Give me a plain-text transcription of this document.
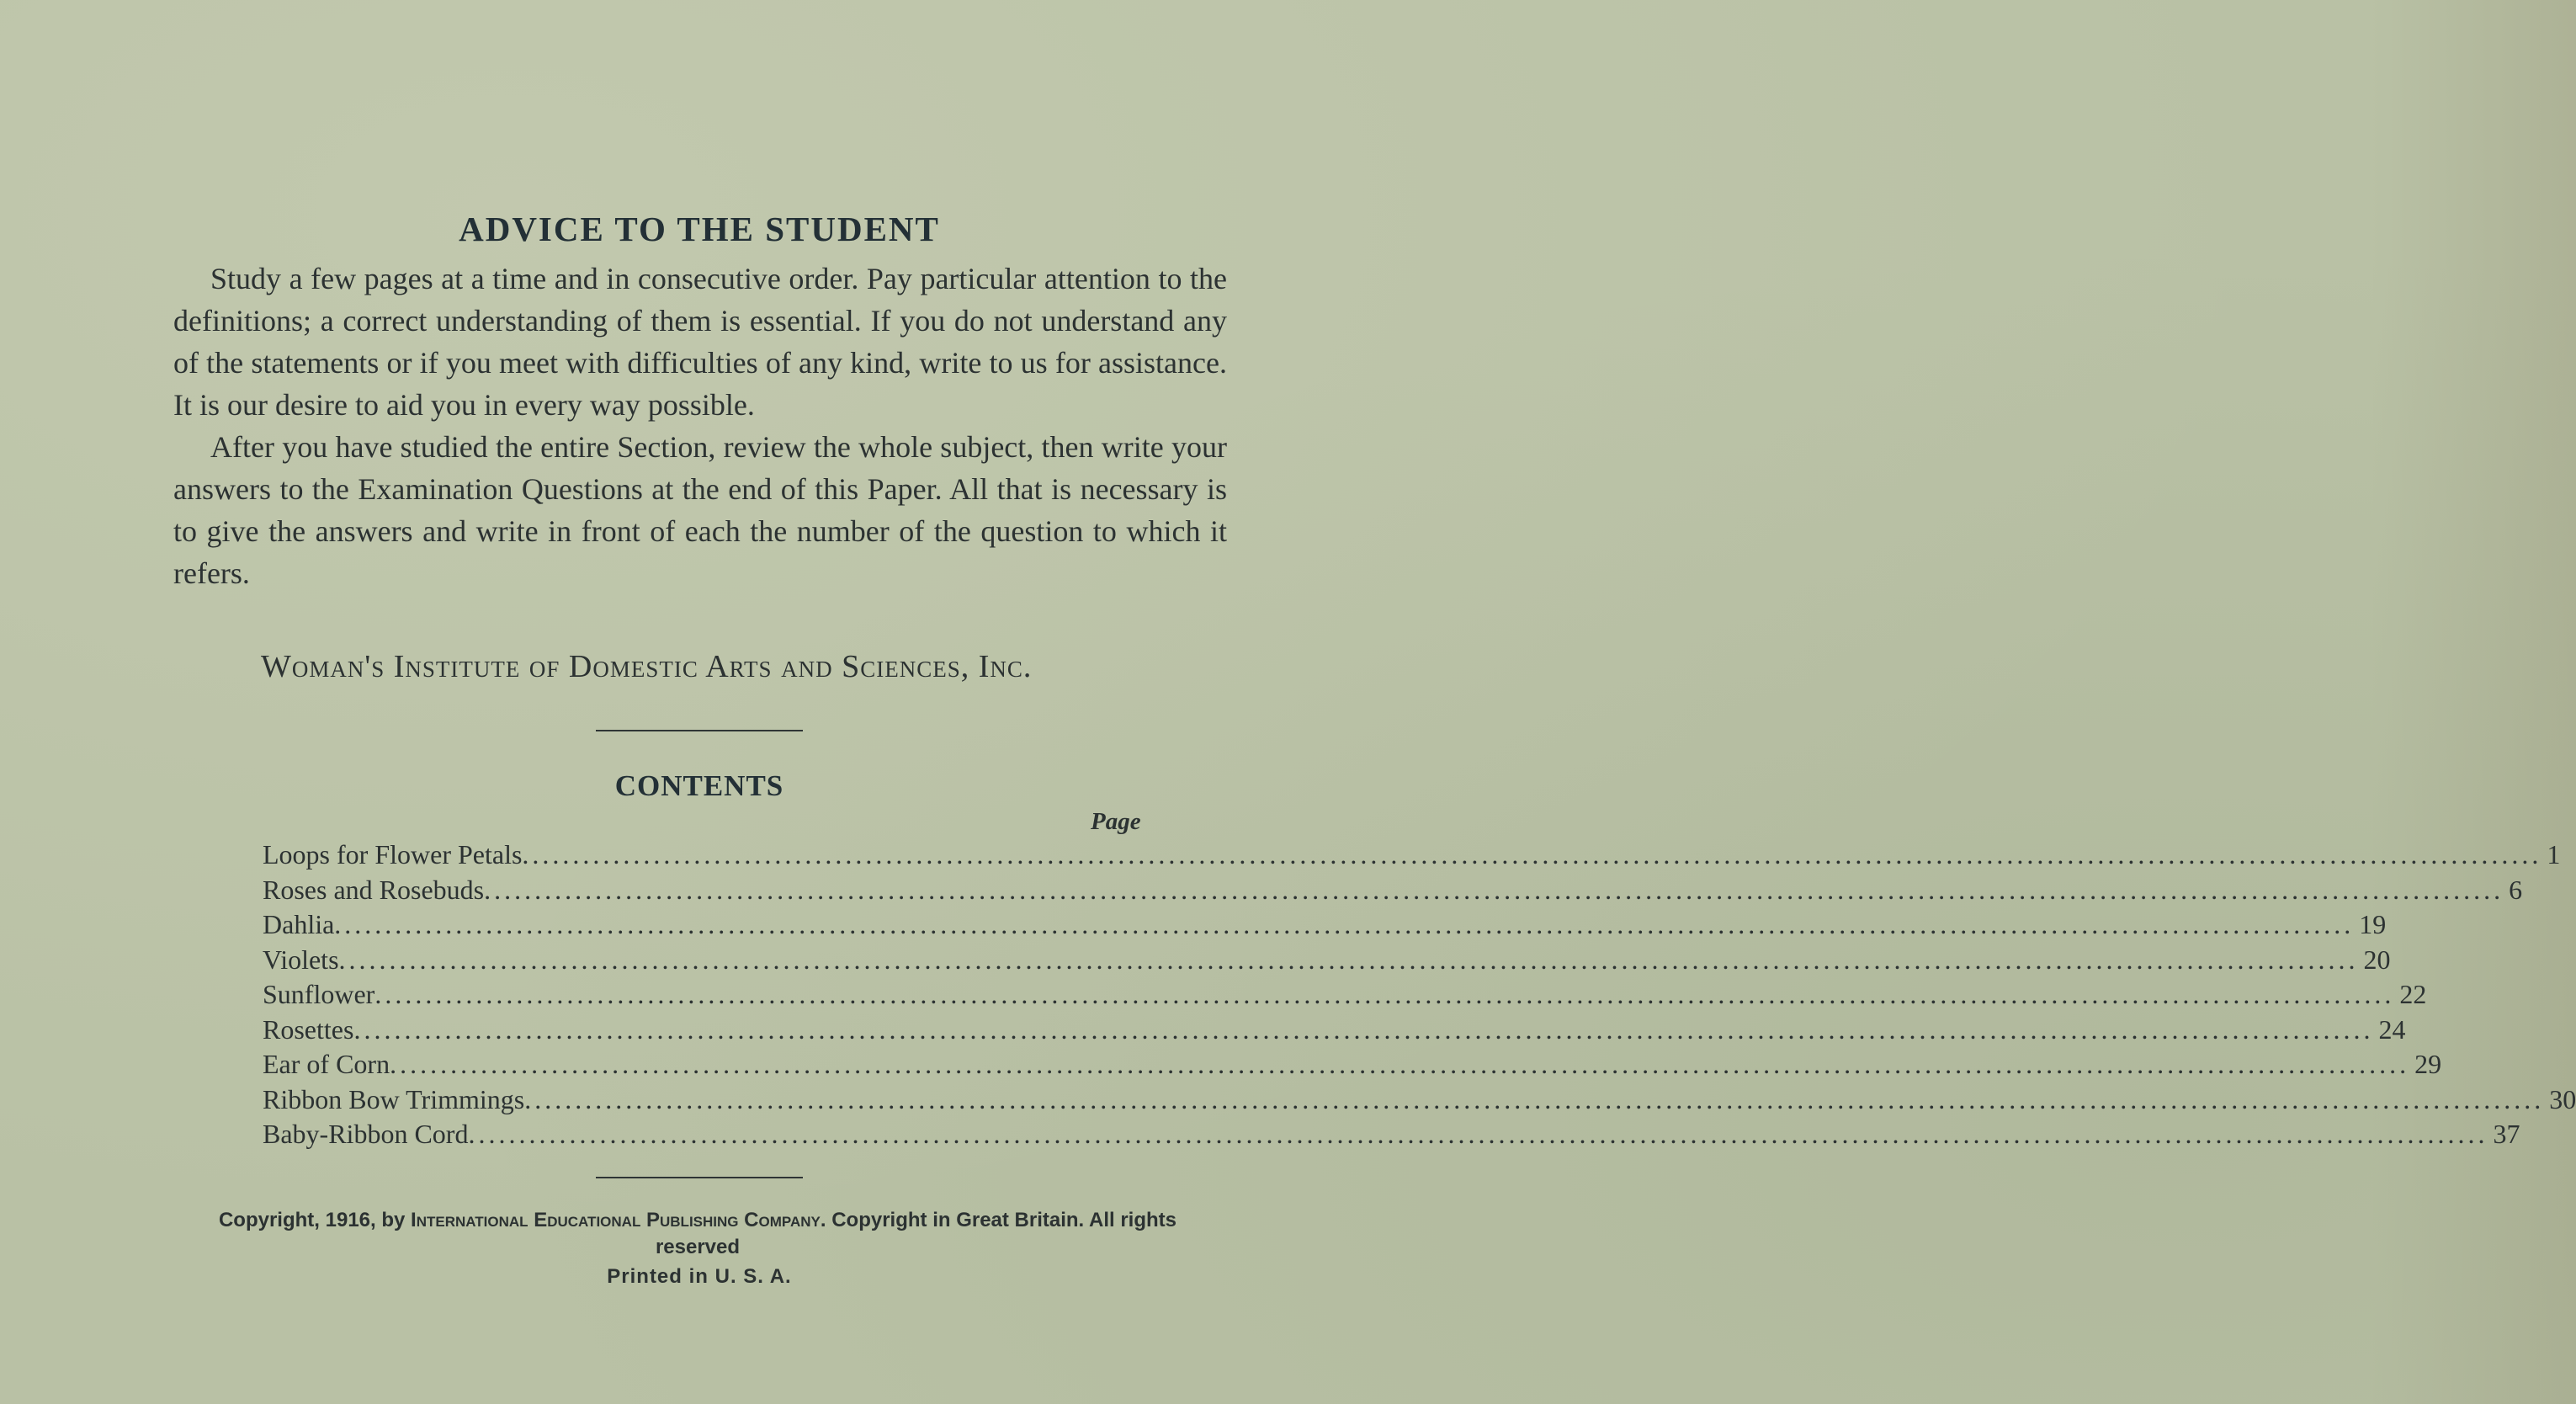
ADVICE TO THE STUDENT

Study a few pages at a time and in consecutive order. Pay particular attention to the definitions; a correct understanding of them is essential. If you do not understand any of the statements or if you meet with difficulties of any kind, write to us for assistance. It is our desire to aid you in every way possible.

After you have studied the entire Section, review the whole subject, then write your answers to the Examination Questions at the end of this Paper. All that is necessary is to give the answers and write in front of each the number of the question to which it refers.

Woman's Institute of Domestic Arts and Sciences, Inc.
CONTENTS
Page
Loops for Flower Petals ........................................................................................................................................................................................................ 1
Roses and Rosebuds ........................................................................................................................................................................................................ 6
Dahlia ........................................................................................................................................................................................................ 19
Violets ........................................................................................................................................................................................................ 20
Sunflower ........................................................................................................................................................................................................ 22
Rosettes ........................................................................................................................................................................................................ 24
Ear of Corn ........................................................................................................................................................................................................ 29
Ribbon Bow Trimmings ........................................................................................................................................................................................................ 30
Baby-Ribbon Cord ........................................................................................................................................................................................................ 37
Copyright, 1916, by International Educational Publishing Company. Copyright in Great Britain. All rights reserved
Printed in U. S. A.
